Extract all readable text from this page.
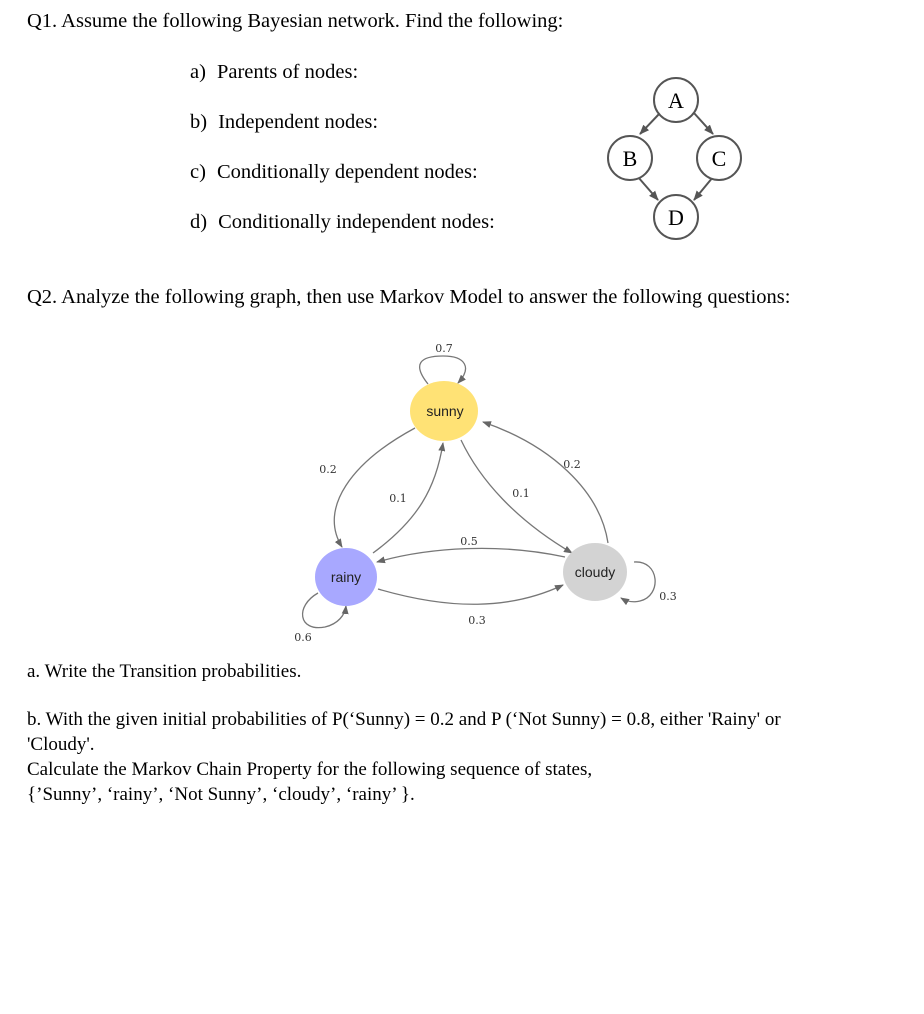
Q1. Assume the following Bayesian network. Find the following:
a) Parents of nodes:
b) Independent nodes:
c) Conditionally dependent nodes:
d) Conditionally independent nodes:
A
B	C
D
Q2. Analyze the following graph, then use Markov Model to answer the following questions:
sunny
rainy	cloudy
0.7
0.2
0.1	0.1
0.2
0.5
0.3
0.3
0.6
a. Write the Transition probabilities.
b. With the given initial probabilities of P(‘Sunny) = 0.2 and P (‘Not Sunny) = 0.8, either 'Rainy' or
'Cloudy'.
Calculate the Markov Chain Property for the following sequence of states,
{’Sunny’, ‘rainy’, ‘Not Sunny’, ‘cloudy’, ‘rainy’ }.
